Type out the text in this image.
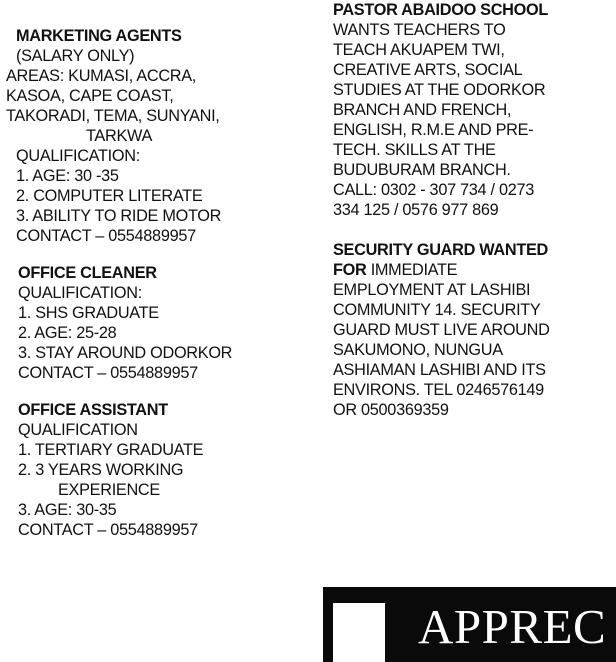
MARKETING AGENTS
(SALARY ONLY)
AREAS: KUMASI, ACCRA,
KASOA, CAPE COAST,
TAKORADI, TEMA, SUNYANI,
TARKWA
QUALIFICATION:
1. AGE: 30 -35
2. COMPUTER LITERATE
3. ABILITY TO RIDE MOTOR
CONTACT – 0554889957
OFFICE CLEANER
QUALIFICATION:
1. SHS GRADUATE
2. AGE: 25-28
3. STAY AROUND ODORKOR
CONTACT – 0554889957
OFFICE ASSISTANT
QUALIFICATION
1. TERTIARY GRADUATE
2. 3 YEARS WORKING
EXPERIENCE
3. AGE: 30-35
CONTACT – 0554889957
PASTOR ABAIDOO SCHOOL
WANTS TEACHERS TO
TEACH AKUAPEM TWI,
CREATIVE ARTS, SOCIAL
STUDIES AT THE ODORKOR
BRANCH AND FRENCH,
ENGLISH, R.M.E AND PRE-
TECH. SKILLS AT THE
BUDUBURAM BRANCH.
CALL: 0302 - 307 734 / 0273
334 125 / 0576 977 869
SECURITY GUARD WANTED
FOR IMMEDIATE
EMPLOYMENT AT LASHIBI
COMMUNITY 14. SECURITY
GUARD MUST LIVE AROUND
SAKUMONO, NUNGUA
ASHIAMAN LASHIBI AND ITS
ENVIRONS. TEL 0246576149
OR 0500369359
APPREC
